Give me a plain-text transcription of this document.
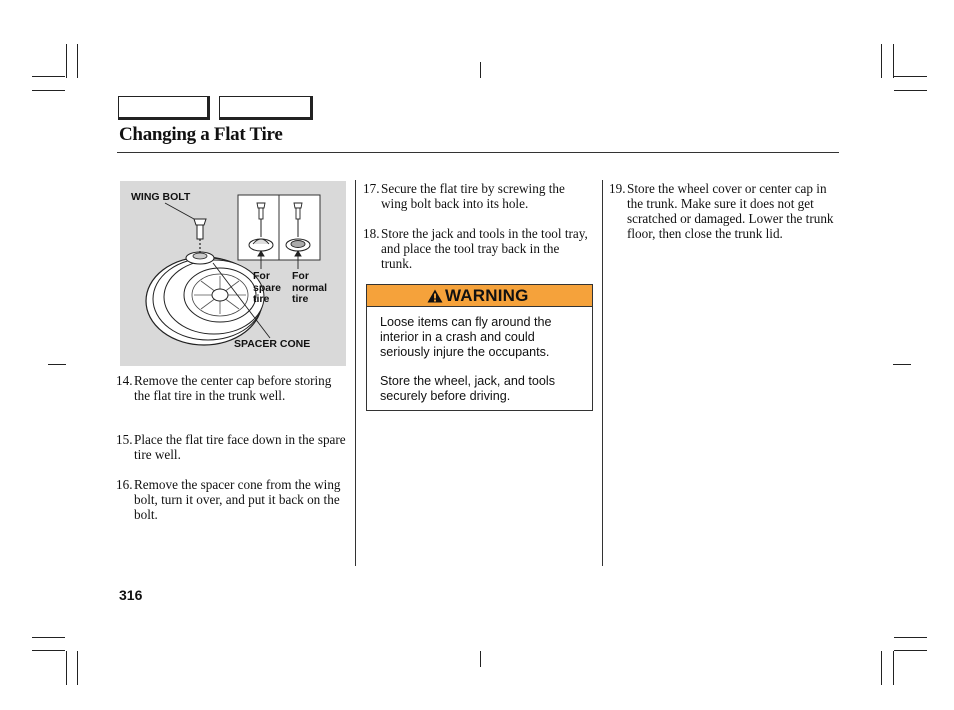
Changing a Flat Tire
WING BOLT
For
spare
tire
For
normal
tire
SPACER CONE
14. Remove the center cap before storing the flat tire in the trunk well.
15. Place the flat tire face down in the spare tire well.
16. Remove the spacer cone from the wing bolt, turn it over, and put it back on the bolt.
17. Secure the flat tire by screwing the wing bolt back into its hole.
18. Store the jack and tools in the tool tray, and place the tool tray back in the trunk.
WARNING

Loose items can fly around the interior in a crash and could seriously injure the occupants.

Store the wheel, jack, and tools securely before driving.

19. Store the wheel cover or center cap in the trunk. Make sure it does not get scratched or damaged. Lower the trunk floor, then close the trunk lid.
316
